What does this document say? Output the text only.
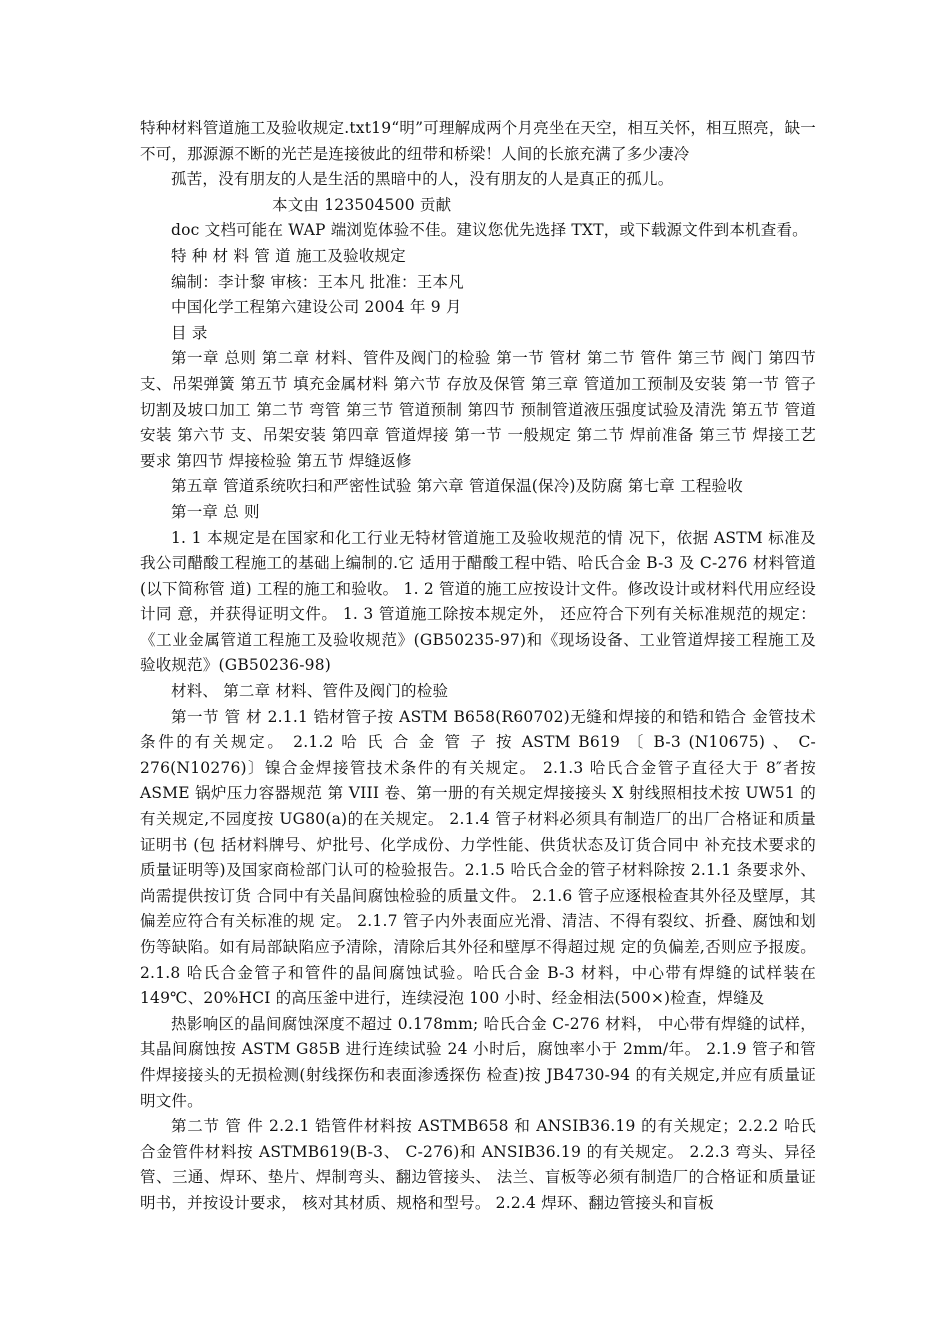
特种材料管道施工及验收规定.txt19“明”可理解成两个月亮坐在天空，相互关怀，相互照亮，缺一不可，那源源不断的光芒是连接彼此的纽带和桥梁！人间的长旅充满了多少凄冷

孤苦，没有朋友的人是生活的黑暗中的人，没有朋友的人是真正的孤儿。

本文由 123504500 贡献

doc 文档可能在 WAP 端浏览体验不佳。建议您优先选择 TXT，或下载源文件到本机查看。

特 种 材 料 管 道 施工及验收规定

编制：李计黎 审核：王本凡 批准：王本凡

中国化学工程第六建设公司 2004 年 9 月

目 录

第一章 总则 第二章 材料、管件及阀门的检验 第一节 管材 第二节 管件 第三节 阀门 第四节 支、吊架弹簧 第五节 填充金属材料 第六节 存放及保管 第三章 管道加工预制及安装 第一节 管子切割及坡口加工 第二节 弯管 第三节 管道预制 第四节 预制管道液压强度试验及清洗 第五节 管道安装 第六节 支、吊架安装 第四章 管道焊接 第一节 一般规定 第二节 焊前准备 第三节 焊接工艺要求 第四节 焊接检验 第五节 焊缝返修

第五章 管道系统吹扫和严密性试验 第六章 管道保温(保冷)及防腐 第七章 工程验收

第一章 总 则

1. 1 本规定是在国家和化工行业无特材管道施工及验收规范的情 况下，依据 ASTM 标准及我公司醋酸工程施工的基础上编制的.它 适用于醋酸工程中锆、哈氏合金 B-3 及 C-276 材料管道(以下简称管 道) 工程的施工和验收。 1. 2 管道的施工应按设计文件。修改设计或材料代用应经设计同 意，并获得证明文件。 1. 3 管道施工除按本规定外， 还应符合下列有关标准规范的规定：《工业金属管道工程施工及验收规范》(GB50235-97)和《现场设备、工业管道焊接工程施工及验收规范》(GB50236-98)

材料、 第二章 材料、管件及阀门的检验

第一节 管 材 2.1.1 锆材管子按 ASTM B658(R60702)无缝和焊接的和锆和锆合 金管技术条件的有关规定。 2.1.2 哈 氏 合 金 管 子 按 ASTM B619 〔 B-3 (N10675) 、 C-276(N10276)〕镍合金焊接管技术条件的有关规定。 2.1.3 哈氏合金管子直径大于 8″者按 ASME 锅炉压力容器规范 第 VIII 卷、第一册的有关规定焊接接头 X 射线照相技术按 UW51 的 有关规定,不园度按 UG80(a)的在关规定。 2.1.4 管子材料必须具有制造厂的出厂合格证和质量证明书 (包 括材料牌号、炉批号、化学成份、力学性能、供货状态及订货合同中 补充技术要求的质量证明等)及国家商检部门认可的检验报告。2.1.5 哈氏合金的管子材料除按 2.1.1 条要求外、尚需提供按订货 合同中有关晶间腐蚀检验的质量文件。 2.1.6 管子应逐根检查其外径及壁厚，其偏差应符合有关标准的规 定。 2.1.7 管子内外表面应光滑、清洁、不得有裂纹、折叠、腐蚀和划 伤等缺陷。如有局部缺陷应予清除，清除后其外径和壁厚不得超过规 定的负偏差,否则应予报废。2.1.8 哈氏合金管子和管件的晶间腐蚀试验。哈氏合金 B-3 材料，中心带有焊缝的试样装在 149℃、20%HCI 的高压釜中进行，连续浸泡 100 小时、经金相法(500×)检查，焊缝及

热影响区的晶间腐蚀深度不超过 0.178mm; 哈氏合金 C-276 材料， 中心带有焊缝的试样， 其晶间腐蚀按 ASTM G85B 进行连续试验 24 小时后，腐蚀率小于 2mm/年。 2.1.9 管子和管件焊接接头的无损检测(射线探伤和表面渗透探伤 检查)按 JB4730-94 的有关规定,并应有质量证明文件。

第二节 管 件 2.2.1 锆管件材料按 ASTMB658 和 ANSIB36.19 的有关规定；2.2.2 哈氏合金管件材料按 ASTMB619(B-3、 C-276)和 ANSIB36.19 的有关规定。 2.2.3 弯头、异径管、三通、焊环、垫片、焊制弯头、翻边管接头、 法兰、盲板等必须有制造厂的合格证和质量证明书，并按设计要求， 核对其材质、规格和型号。 2.2.4 焊环、翻边管接头和盲板
